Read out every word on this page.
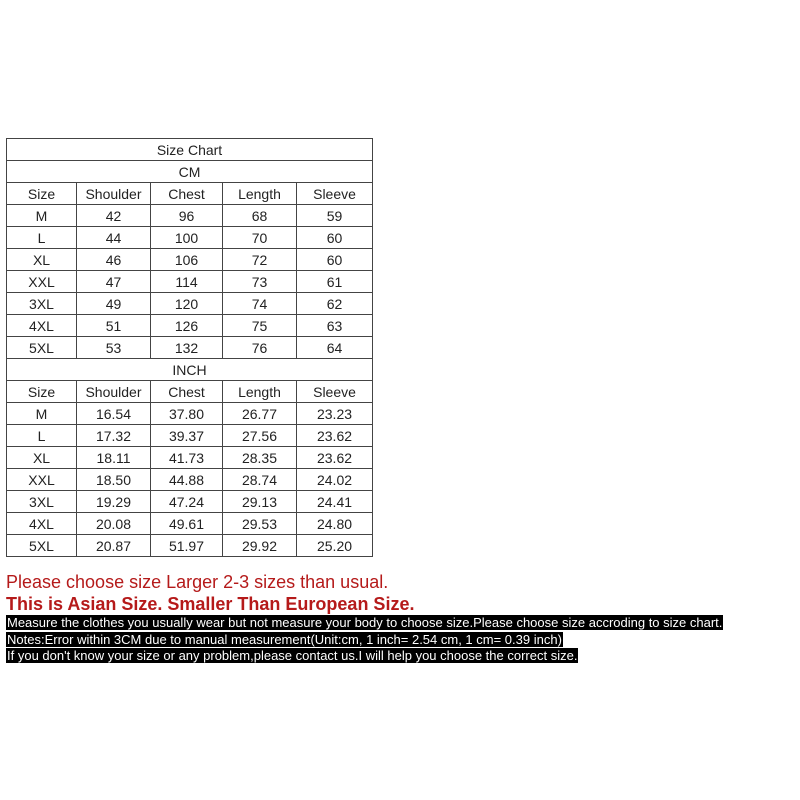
Size Chart				
CM				
Size	Shoulder	Chest	Length	Sleeve
M	42	96	68	59
L	44	100	70	60
XL	46	106	72	60
XXL	47	114	73	61
3XL	49	120	74	62
4XL	51	126	75	63
5XL	53	132	76	64
INCH				
Size	Shoulder	Chest	Length	Sleeve
M	16.54	37.80	26.77	23.23
L	17.32	39.37	27.56	23.62
XL	18.11	41.73	28.35	23.62
XXL	18.50	44.88	28.74	24.02
3XL	19.29	47.24	29.13	24.41
4XL	20.08	49.61	29.53	24.80
5XL	20.87	51.97	29.92	25.20

Please choose size Larger 2-3 sizes than usual.

This is Asian Size. Smaller Than European Size.

Measure the clothes you usually wear but not measure your body to choose size.Please choose size accroding to size chart.

Notes:Error within 3CM due to manual measurement(Unit:cm, 1 inch= 2.54 cm, 1 cm= 0.39 inch)

If you don't know your size or any problem,please contact us.I will help you choose the correct size.
